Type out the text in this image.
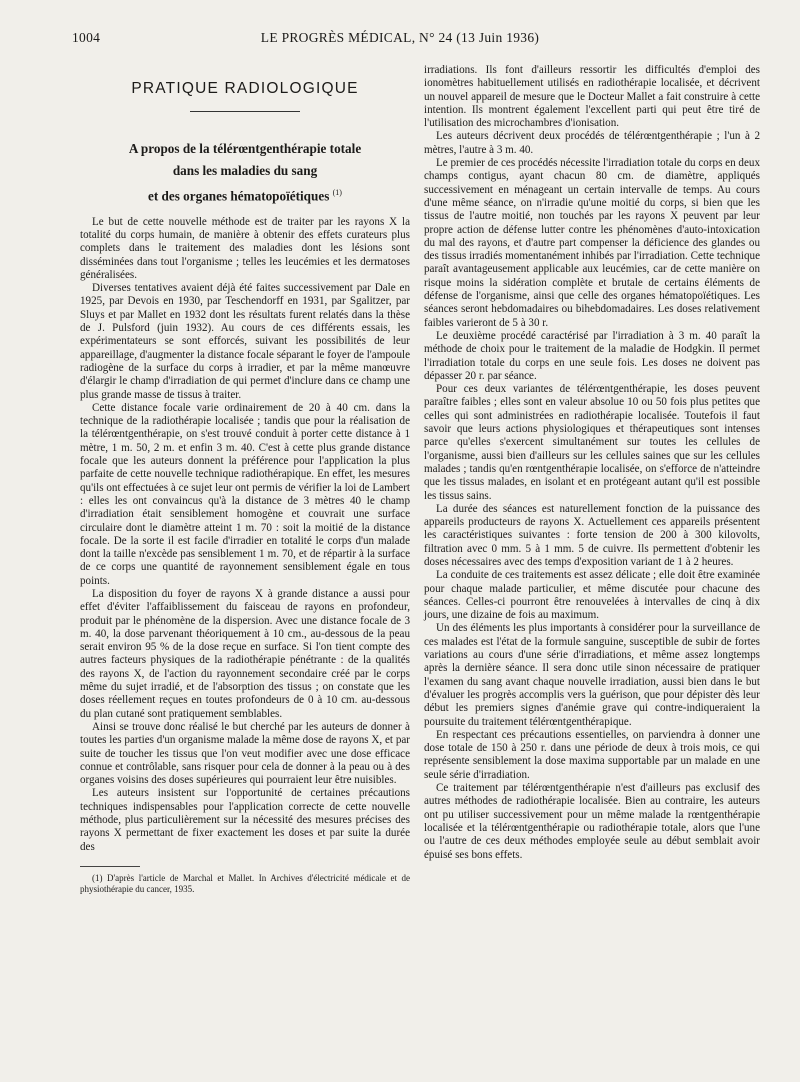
1004	LE PROGRÈS MÉDICAL, N° 24 (13 Juin 1936)
PRATIQUE RADIOLOGIQUE
A propos de la télérœntgenthérapie totale
dans les maladies du sang
et des organes hématopoïétiques $^{(1)}$

Le but de cette nouvelle méthode est de traiter par les rayons X la totalité du corps humain, de manière à obtenir des effets curateurs plus complets dans le traitement des maladies dont les lésions sont disséminées dans tout l'organisme ; telles les leucémies et les dermatoses généralisées.

Diverses tentatives avaient déjà été faites successivement par Dale en 1925, par Devois en 1930, par Teschendorff en 1931, par Sgalitzer, par Sluys et par Mallet en 1932 dont les résultats furent relatés dans la thèse de J. Pulsford (juin 1932). Au cours de ces différents essais, les expérimentateurs se sont efforcés, suivant les possibilités de leur appareillage, d'augmenter la distance focale séparant le foyer de l'ampoule radiogène de la surface du corps à irradier, et par la même manœuvre d'élargir le champ d'irradiation de qui permet d'inclure dans ce champ une plus grande masse de tissus à traiter.

Cette distance focale varie ordinairement de 20 à 40 cm. dans la technique de la radiothérapie localisée ; tandis que pour la réalisation de la télérœntgenthérapie, on s'est trouvé conduit à porter cette distance à 1 mètre, 1 m. 50, 2 m. et enfin 3 m. 40. C'est à cette plus grande distance focale que les auteurs donnent la préférence pour l'application la plus parfaite de cette nouvelle technique radiothérapique. En effet, les mesures qu'ils ont effectuées à ce sujet leur ont permis de vérifier la loi de Lambert : elles les ont convaincus qu'à la distance de 3 mètres 40 le champ d'irradiation était sensiblement homogène et couvrait une surface circulaire dont le diamètre atteint 1 m. 70 : soit la moitié de la distance focale. De la sorte il est facile d'irradier en totalité le corps d'un malade dont la taille n'excède pas sensiblement 1 m. 70, et de répartir à la surface de ce corps une quantité de rayonnement sensiblement égale en tous points.

La disposition du foyer de rayons X à grande distance a aussi pour effet d'éviter l'affaiblissement du faisceau de rayons en profondeur, produit par le phénomène de la dispersion. Avec une distance focale de 3 m. 40, la dose parvenant théoriquement à 10 cm., au-dessous de la peau serait environ 95 % de la dose reçue en surface. Si l'on tient compte des autres facteurs physiques de la radiothérapie pénétrante : de la qualités des rayons X, de l'action du rayonnement secondaire créé par le corps même du sujet irradié, et de l'absorption des tissus ; on constate que les doses réellement reçues en toutes profondeurs de 0 à 10 cm. au-dessous du plan cutané sont pratiquement semblables.

Ainsi se trouve donc réalisé le but cherché par les auteurs de donner à toutes les parties d'un organisme malade la même dose de rayons X, et par suite de toucher les tissus que l'on veut modifier avec une dose efficace connue et contrôlable, sans risquer pour cela de donner à la peau ou à des organes voisins des doses supérieures qui pourraient leur être nuisibles.

Les auteurs insistent sur l'opportunité de certaines précautions techniques indispensables pour l'application correcte de cette nouvelle méthode, plus particulièrement sur la nécessité des mesures précises des rayons X permettant de fixer exactement les doses et par suite la durée des

(1) D'après l'article de Marchal et Mallet. In Archives d'électricité médicale et de physiothérapie du cancer, 1935.

irradiations. Ils font d'ailleurs ressortir les difficultés d'emploi des ionomètres habituellement utilisés en radiothérapie localisée, et décrivent un nouvel appareil de mesure que le Docteur Mallet a fait construire à cette intention. Ils montrent également l'excellent parti qui peut être tiré de l'utilisation des microchambres d'ionisation.

Les auteurs décrivent deux procédés de télérœntgenthérapie ; l'un à 2 mètres, l'autre à 3 m. 40.

Le premier de ces procédés nécessite l'irradiation totale du corps en deux champs contigus, ayant chacun 80 cm. de diamètre, appliqués successivement en ménageant un certain intervalle de temps. Au cours d'une même séance, on n'irradie qu'une moitié du corps, si bien que les tissus de l'autre moitié, non touchés par les rayons X peuvent par leur propre action de défense lutter contre les phénomènes d'auto-intoxication du mal des rayons, et d'autre part compenser la déficience des glandes ou des tissus irradiés momentanément inhibés par l'irradiation. Cette technique paraît avantageusement applicable aux leucémies, car de cette manière on risque moins la sidération complète et brutale de certains éléments de défense de l'organisme, ainsi que celle des organes hématopoïétiques. Les séances seront hebdomadaires ou bihebdomadaires. Les doses relativement faibles varieront de 5 à 30 r.

Le deuxième procédé caractérisé par l'irradiation à 3 m. 40 paraît la méthode de choix pour le traitement de la maladie de Hodgkin. Il permet l'irradiation totale du corps en une seule fois. Les doses ne doivent pas dépasser 20 r. par séance.

Pour ces deux variantes de télérœntgenthérapie, les doses peuvent paraître faibles ; elles sont en valeur absolue 10 ou 50 fois plus petites que celles qui sont administrées en radiothérapie localisée. Toutefois il faut savoir que leurs actions physiologiques et thérapeutiques sont intenses parce qu'elles s'exercent simultanément sur toutes les cellules de l'organisme, aussi bien d'ailleurs sur les cellules saines que sur les cellules malades ; tandis qu'en rœntgenthérapie localisée, on s'efforce de n'atteindre que les tissus malades, en isolant et en protégeant autant qu'il est possible les tissus sains.

La durée des séances est naturellement fonction de la puissance des appareils producteurs de rayons X. Actuellement ces appareils présentent les caractéristiques suivantes : forte tension de 200 à 300 kilovolts, filtration avec 0 mm. 5 à 1 mm. 5 de cuivre. Ils permettent d'obtenir les doses nécessaires avec des temps d'exposition variant de 1 à 2 heures.

La conduite de ces traitements est assez délicate ; elle doit être examinée pour chaque malade particulier, et même discutée pour chacune des séances. Celles-ci pourront être renouvelées à intervalles de cinq à dix jours, une dizaine de fois au maximum.

Un des éléments les plus importants à considérer pour la surveillance de ces malades est l'état de la formule sanguine, susceptible de subir de fortes variations au cours d'une série d'irradiations, et même assez longtemps après la dernière séance. Il sera donc utile sinon nécessaire de pratiquer l'examen du sang avant chaque nouvelle irradiation, aussi bien dans le but d'évaluer les progrès accomplis vers la guérison, que pour dépister dès leur début les premiers signes d'anémie grave qui contre-indiqueraient la poursuite du traitement télérœntgenthérapique.

En respectant ces précautions essentielles, on parviendra à donner une dose totale de 150 à 250 r. dans une période de deux à trois mois, ce qui représente sensiblement la dose maxima supportable par un malade en une seule série d'irradiation.

Ce traitement par télérœntgenthérapie n'est d'ailleurs pas exclusif des autres méthodes de radiothérapie localisée. Bien au contraire, les auteurs ont pu utiliser successivement pour un même malade la rœntgenthérapie localisée et la télérœntgenthérapie ou radiothérapie totale, alors que l'une ou l'autre de ces deux méthodes employée seule au début semblait avoir épuisé ses bons effets.
